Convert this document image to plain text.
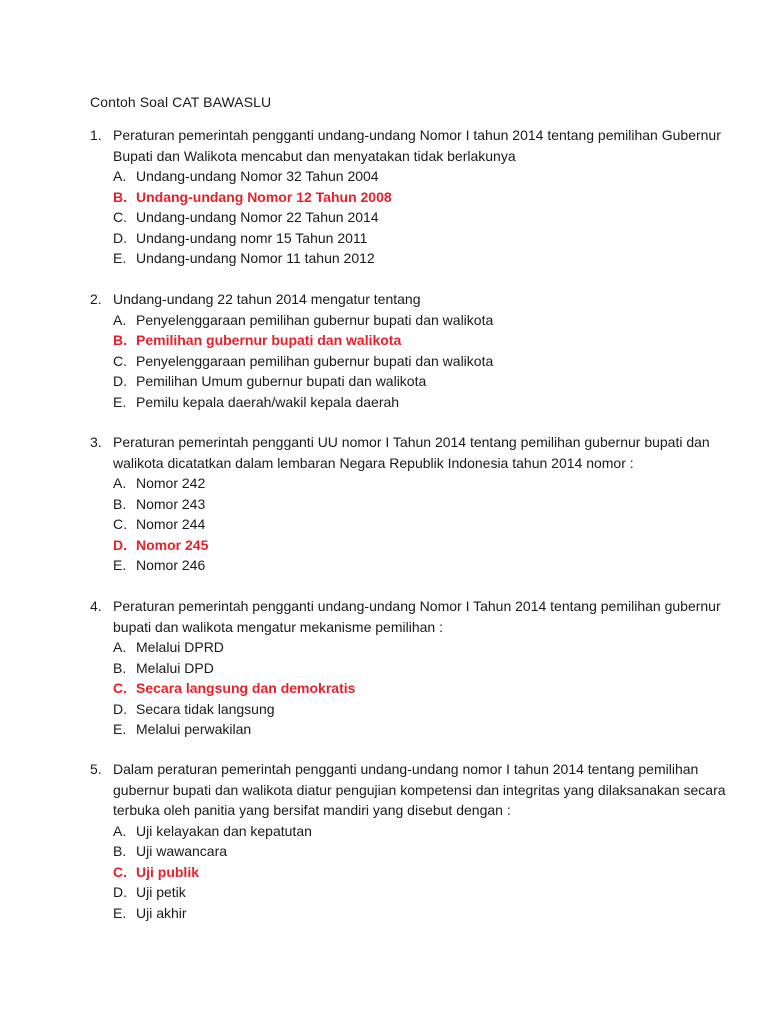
Contoh Soal CAT BAWASLU
1. Peraturan pemerintah pengganti undang-undang Nomor I tahun 2014 tentang pemilihan Gubernur
Bupati dan Walikota mencabut dan menyatakan tidak berlakunya
A. Undang-undang Nomor 32 Tahun 2004
B. Undang-undang Nomor 12 Tahun 2008
C. Undang-undang Nomor 22 Tahun 2014
D. Undang-undang nomr 15 Tahun 2011
E. Undang-undang Nomor 11 tahun 2012
2. Undang-undang 22 tahun 2014 mengatur tentang
A. Penyelenggaraan pemilihan gubernur bupati dan walikota
B. Pemilihan gubernur bupati dan walikota
C. Penyelenggaraan pemilihan gubernur bupati dan walikota
D. Pemilihan Umum gubernur bupati dan walikota
E. Pemilu kepala daerah/wakil kepala daerah
3. Peraturan pemerintah pengganti UU nomor I Tahun 2014 tentang pemilihan gubernur bupati dan
walikota dicatatkan dalam lembaran Negara Republik Indonesia tahun 2014 nomor :
A. Nomor 242
B. Nomor 243
C. Nomor 244
D. Nomor 245
E. Nomor 246
4. Peraturan pemerintah pengganti undang-undang Nomor I Tahun 2014 tentang pemilihan gubernur
bupati dan walikota mengatur mekanisme pemilihan :
A. Melalui DPRD
B. Melalui DPD
C. Secara langsung dan demokratis
D. Secara tidak langsung
E. Melalui perwakilan
5. Dalam peraturan pemerintah pengganti undang-undang nomor I tahun 2014 tentang pemilihan
gubernur bupati dan walikota diatur pengujian kompetensi dan integritas yang dilaksanakan secara
terbuka oleh panitia yang bersifat mandiri yang disebut dengan :
A. Uji kelayakan dan kepatutan
B. Uji wawancara
C. Uji publik
D. Uji petik
E. Uji akhir
